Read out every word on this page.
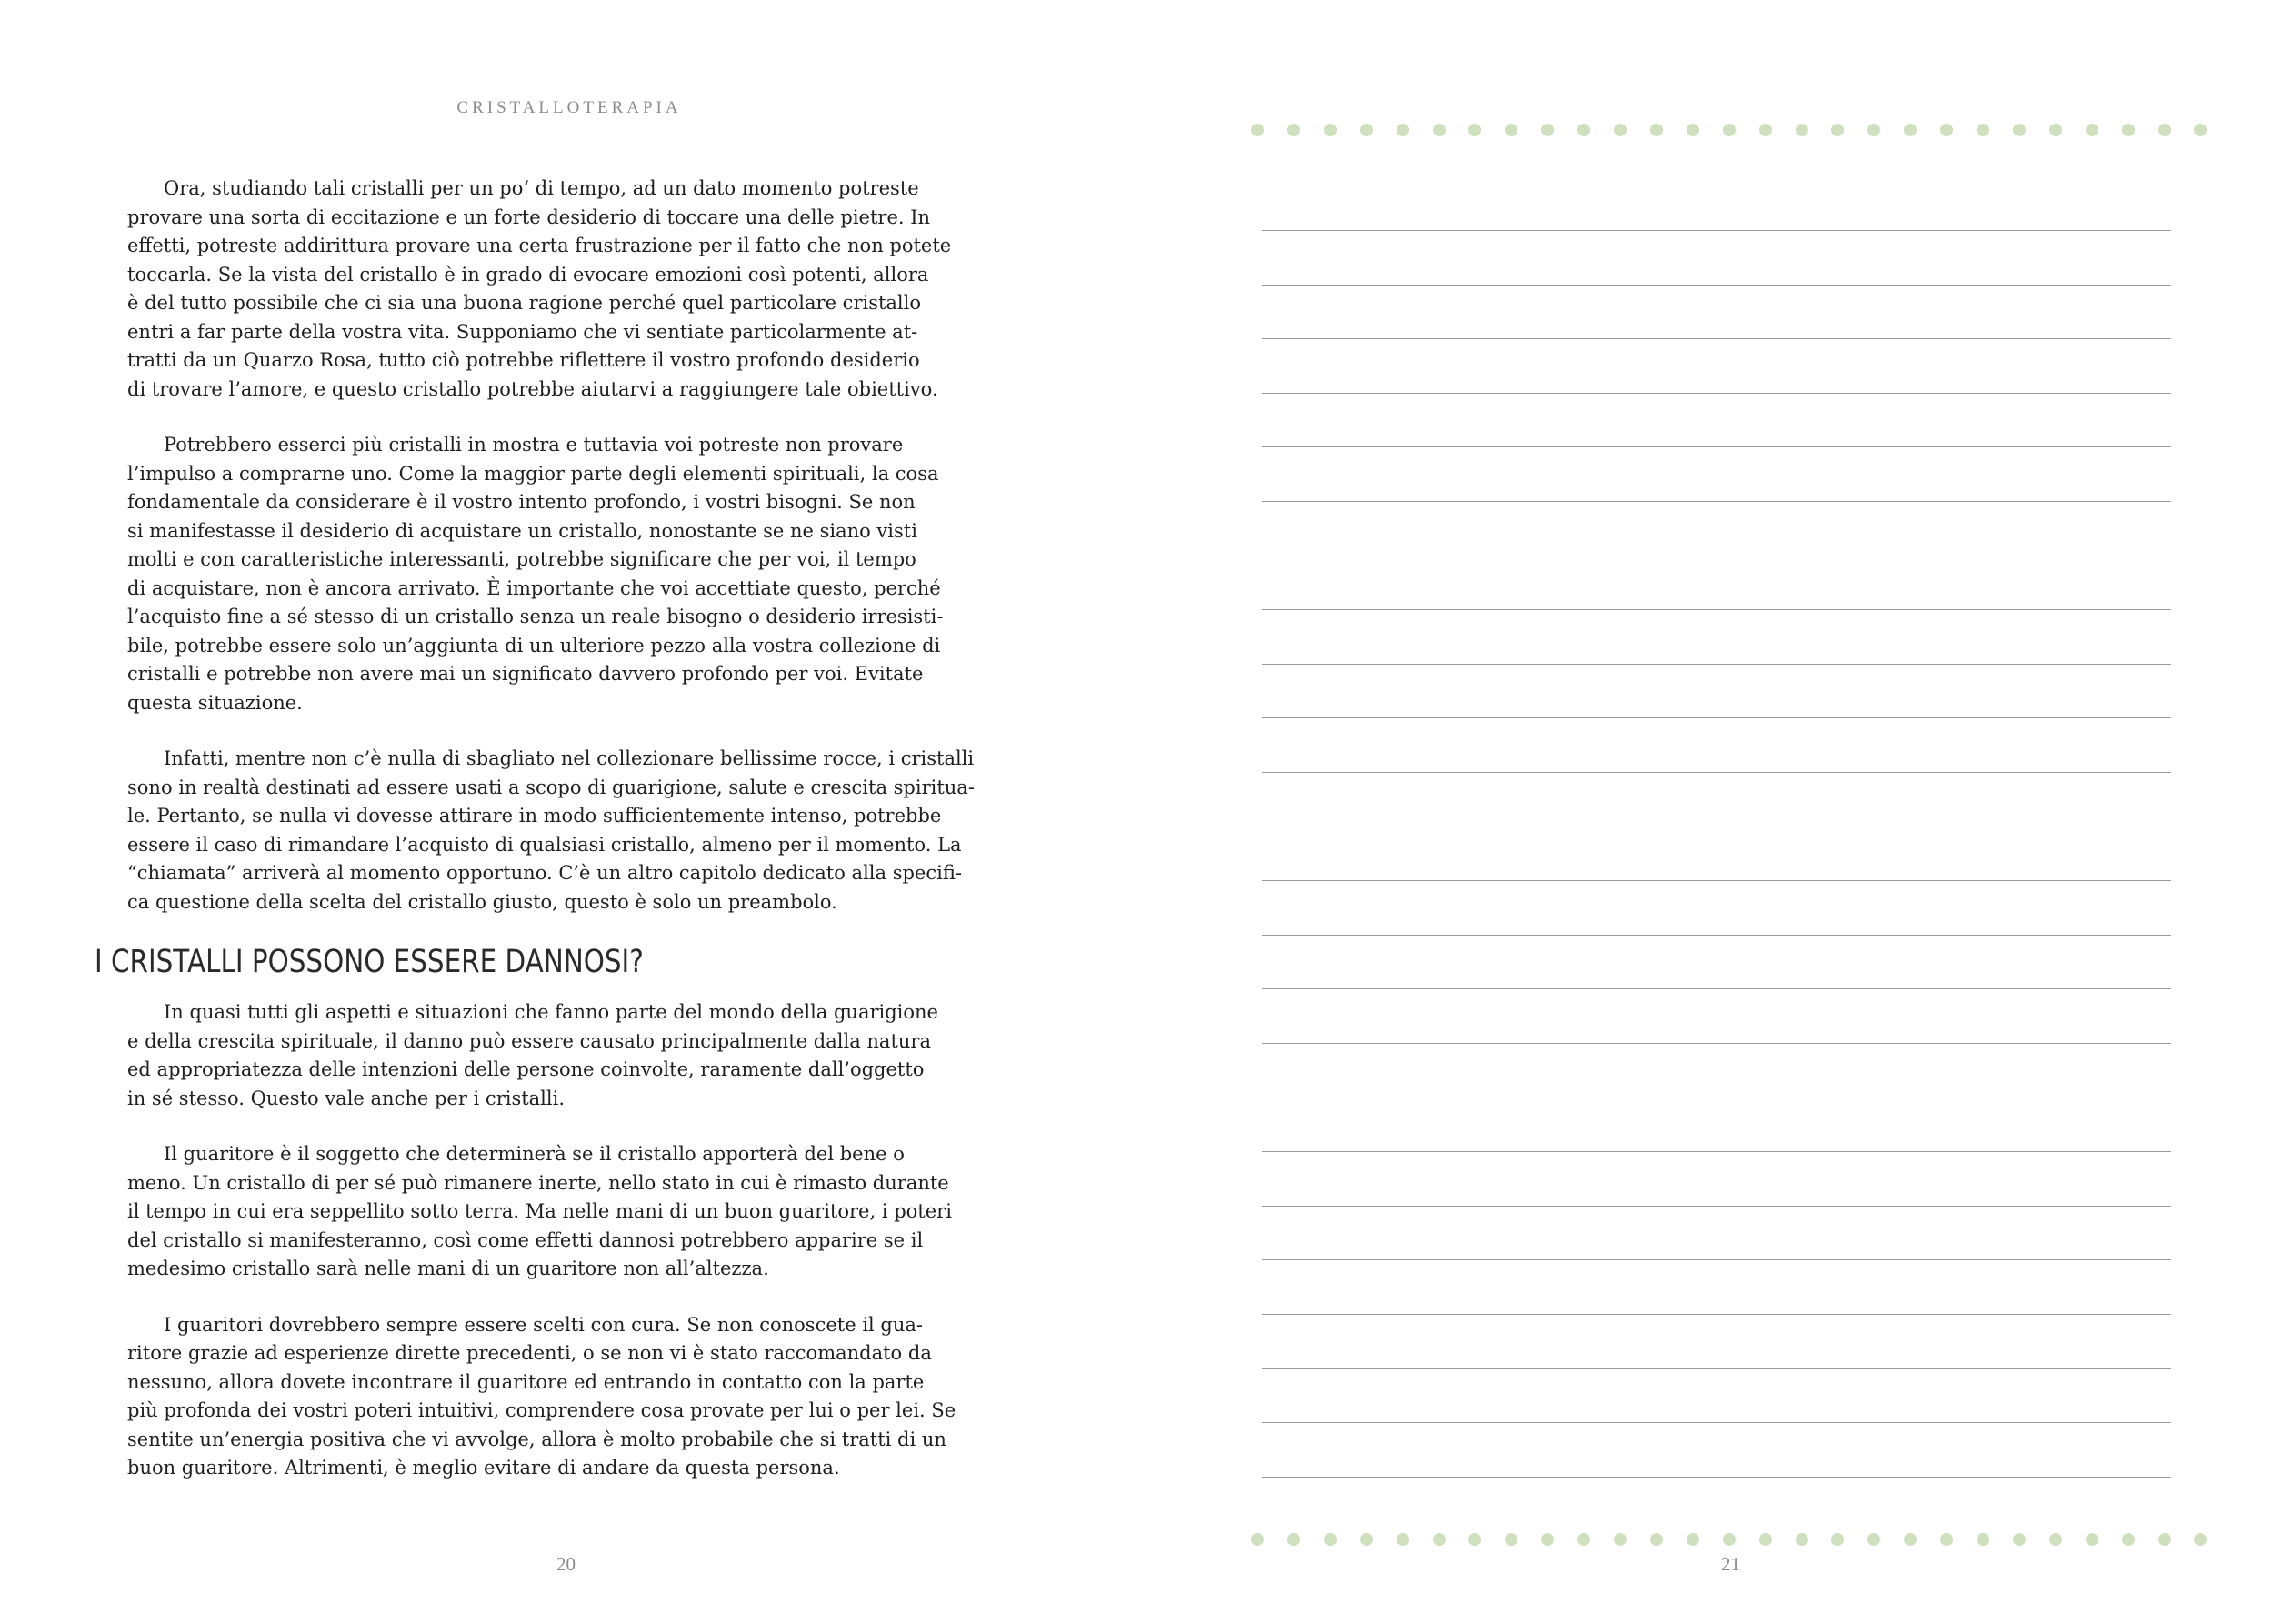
CRISTALLOTERAPIA

Ora, studiando tali cristalli per un po‘ di tempo, ad un dato momento potreste
provare una sorta di eccitazione e un forte desiderio di toccare una delle pietre. In
effetti, potreste addirittura provare una certa frustrazione per il fatto che non potete
toccarla. Se la vista del cristallo è in grado di evocare emozioni così potenti, allora
è del tutto possibile che ci sia una buona ragione perché quel particolare cristallo
entri a far parte della vostra vita. Supponiamo che vi sentiate particolarmente at-
tratti da un Quarzo Rosa, tutto ciò potrebbe riflettere il vostro profondo desiderio
di trovare l’amore, e questo cristallo potrebbe aiutarvi a raggiungere tale obiettivo.

Potrebbero esserci più cristalli in mostra e tuttavia voi potreste non provare
l’impulso a comprarne uno. Come la maggior parte degli elementi spirituali, la cosa
fondamentale da considerare è il vostro intento profondo, i vostri bisogni. Se non
si manifestasse il desiderio di acquistare un cristallo, nonostante se ne siano visti
molti e con caratteristiche interessanti, potrebbe significare che per voi, il tempo
di acquistare, non è ancora arrivato. È importante che voi accettiate questo, perché
l’acquisto fine a sé stesso di un cristallo senza un reale bisogno o desiderio irresisti-
bile, potrebbe essere solo un’aggiunta di un ulteriore pezzo alla vostra collezione di
cristalli e potrebbe non avere mai un significato davvero profondo per voi. Evitate
questa situazione.

Infatti, mentre non c’è nulla di sbagliato nel collezionare bellissime rocce, i cristalli
sono in realtà destinati ad essere usati a scopo di guarigione, salute e crescita spiritua-
le. Pertanto, se nulla vi dovesse attirare in modo sufficientemente intenso, potrebbe
essere il caso di rimandare l’acquisto di qualsiasi cristallo, almeno per il momento. La
“chiamata” arriverà al momento opportuno. C’è un altro capitolo dedicato alla specifi-
ca questione della scelta del cristallo giusto, questo è solo un preambolo.

I CRISTALLI POSSONO ESSERE DANNOSI?

In quasi tutti gli aspetti e situazioni che fanno parte del mondo della guarigione
e della crescita spirituale, il danno può essere causato principalmente dalla natura
ed appropriatezza delle intenzioni delle persone coinvolte, raramente dall’oggetto
in sé stesso. Questo vale anche per i cristalli.

Il guaritore è il soggetto che determinerà se il cristallo apporterà del bene o
meno. Un cristallo di per sé può rimanere inerte, nello stato in cui è rimasto durante
il tempo in cui era seppellito sotto terra. Ma nelle mani di un buon guaritore, i poteri
del cristallo si manifesteranno, così come effetti dannosi potrebbero apparire se il
medesimo cristallo sarà nelle mani di un guaritore non all’altezza.

I guaritori dovrebbero sempre essere scelti con cura. Se non conoscete il gua-
ritore grazie ad esperienze dirette precedenti, o se non vi è stato raccomandato da
nessuno, allora dovete incontrare il guaritore ed entrando in contatto con la parte
più profonda dei vostri poteri intuitivi, comprendere cosa provate per lui o per lei. Se
sentite un’energia positiva che vi avvolge, allora è molto probabile che si tratti di un
buon guaritore. Altrimenti, è meglio evitare di andare da questa persona.

20	21
